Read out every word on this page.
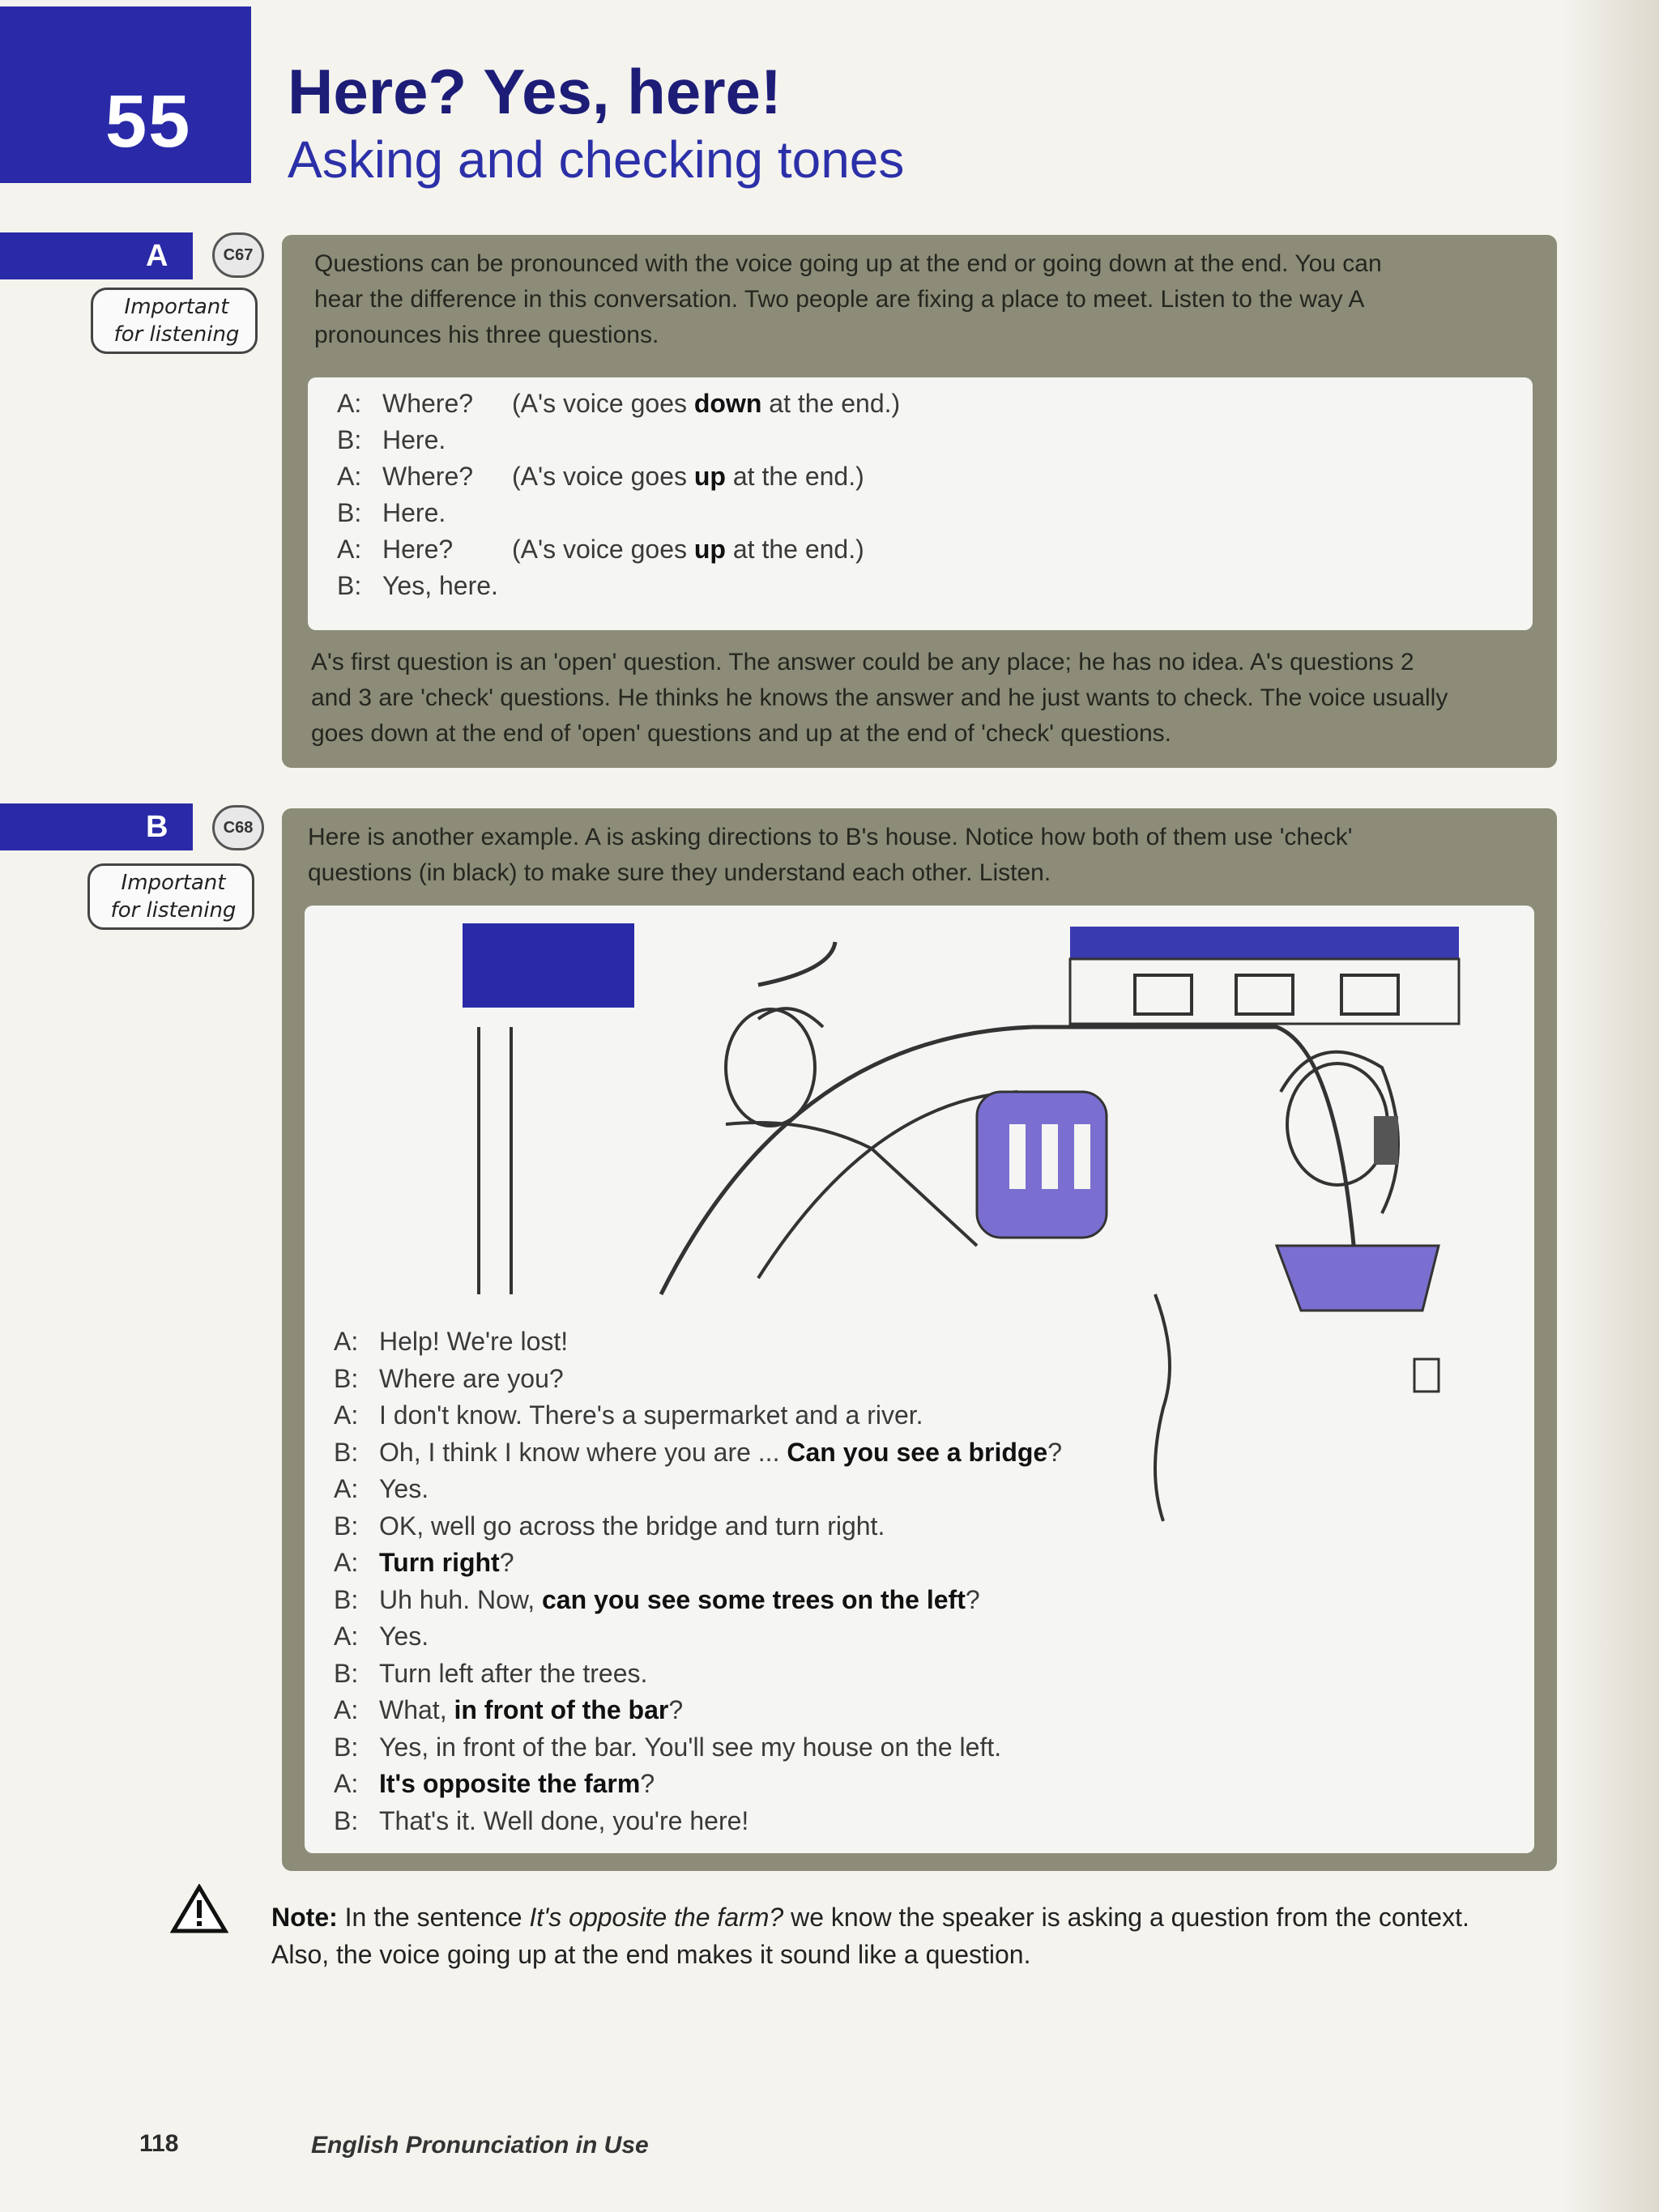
55 Here? Yes, here!
Asking and checking tones
A	C67
Important
for listening
Questions can be pronounced with the voice going up at the end or going down at the end. You can
hear the difference in this conversation. Two people are fixing a place to meet. Listen to the way A
pronounces his three questions.
A: Where? (A's voice goes down at the end.)
B: Here.
A: Where? (A's voice goes up at the end.)
B: Here.
A: Here? (A's voice goes up at the end.)
B: Yes, here.
A's first question is an 'open' question. The answer could be any place; he has no idea. A's questions 2
and 3 are 'check' questions. He thinks he knows the answer and he just wants to check. The voice usually
goes down at the end of 'open' questions and up at the end of 'check' questions.
B	C68
Important
for listening
Here is another example. A is asking directions to B's house. Notice how both of them use 'check'
questions (in black) to make sure they understand each other. Listen.
A: Help! We're lost!
B: Where are you?
A: I don't know. There's a supermarket and a river.
B: Oh, I think I know where you are ... Can you see a bridge?
A: Yes.
B: OK, well go across the bridge and turn right.
A: Turn right?
B: Uh huh. Now, can you see some trees on the left?
A: Yes.
B: Turn left after the trees.
A: What, in front of the bar?
B: Yes, in front of the bar. You'll see my house on the left.
A: It's opposite the farm?
B: That's it. Well done, you're here!
Note: In the sentence It's opposite the farm? we know the speaker is asking a question from the context.
Also, the voice going up at the end makes it sound like a question.
118	English Pronunciation in Use
